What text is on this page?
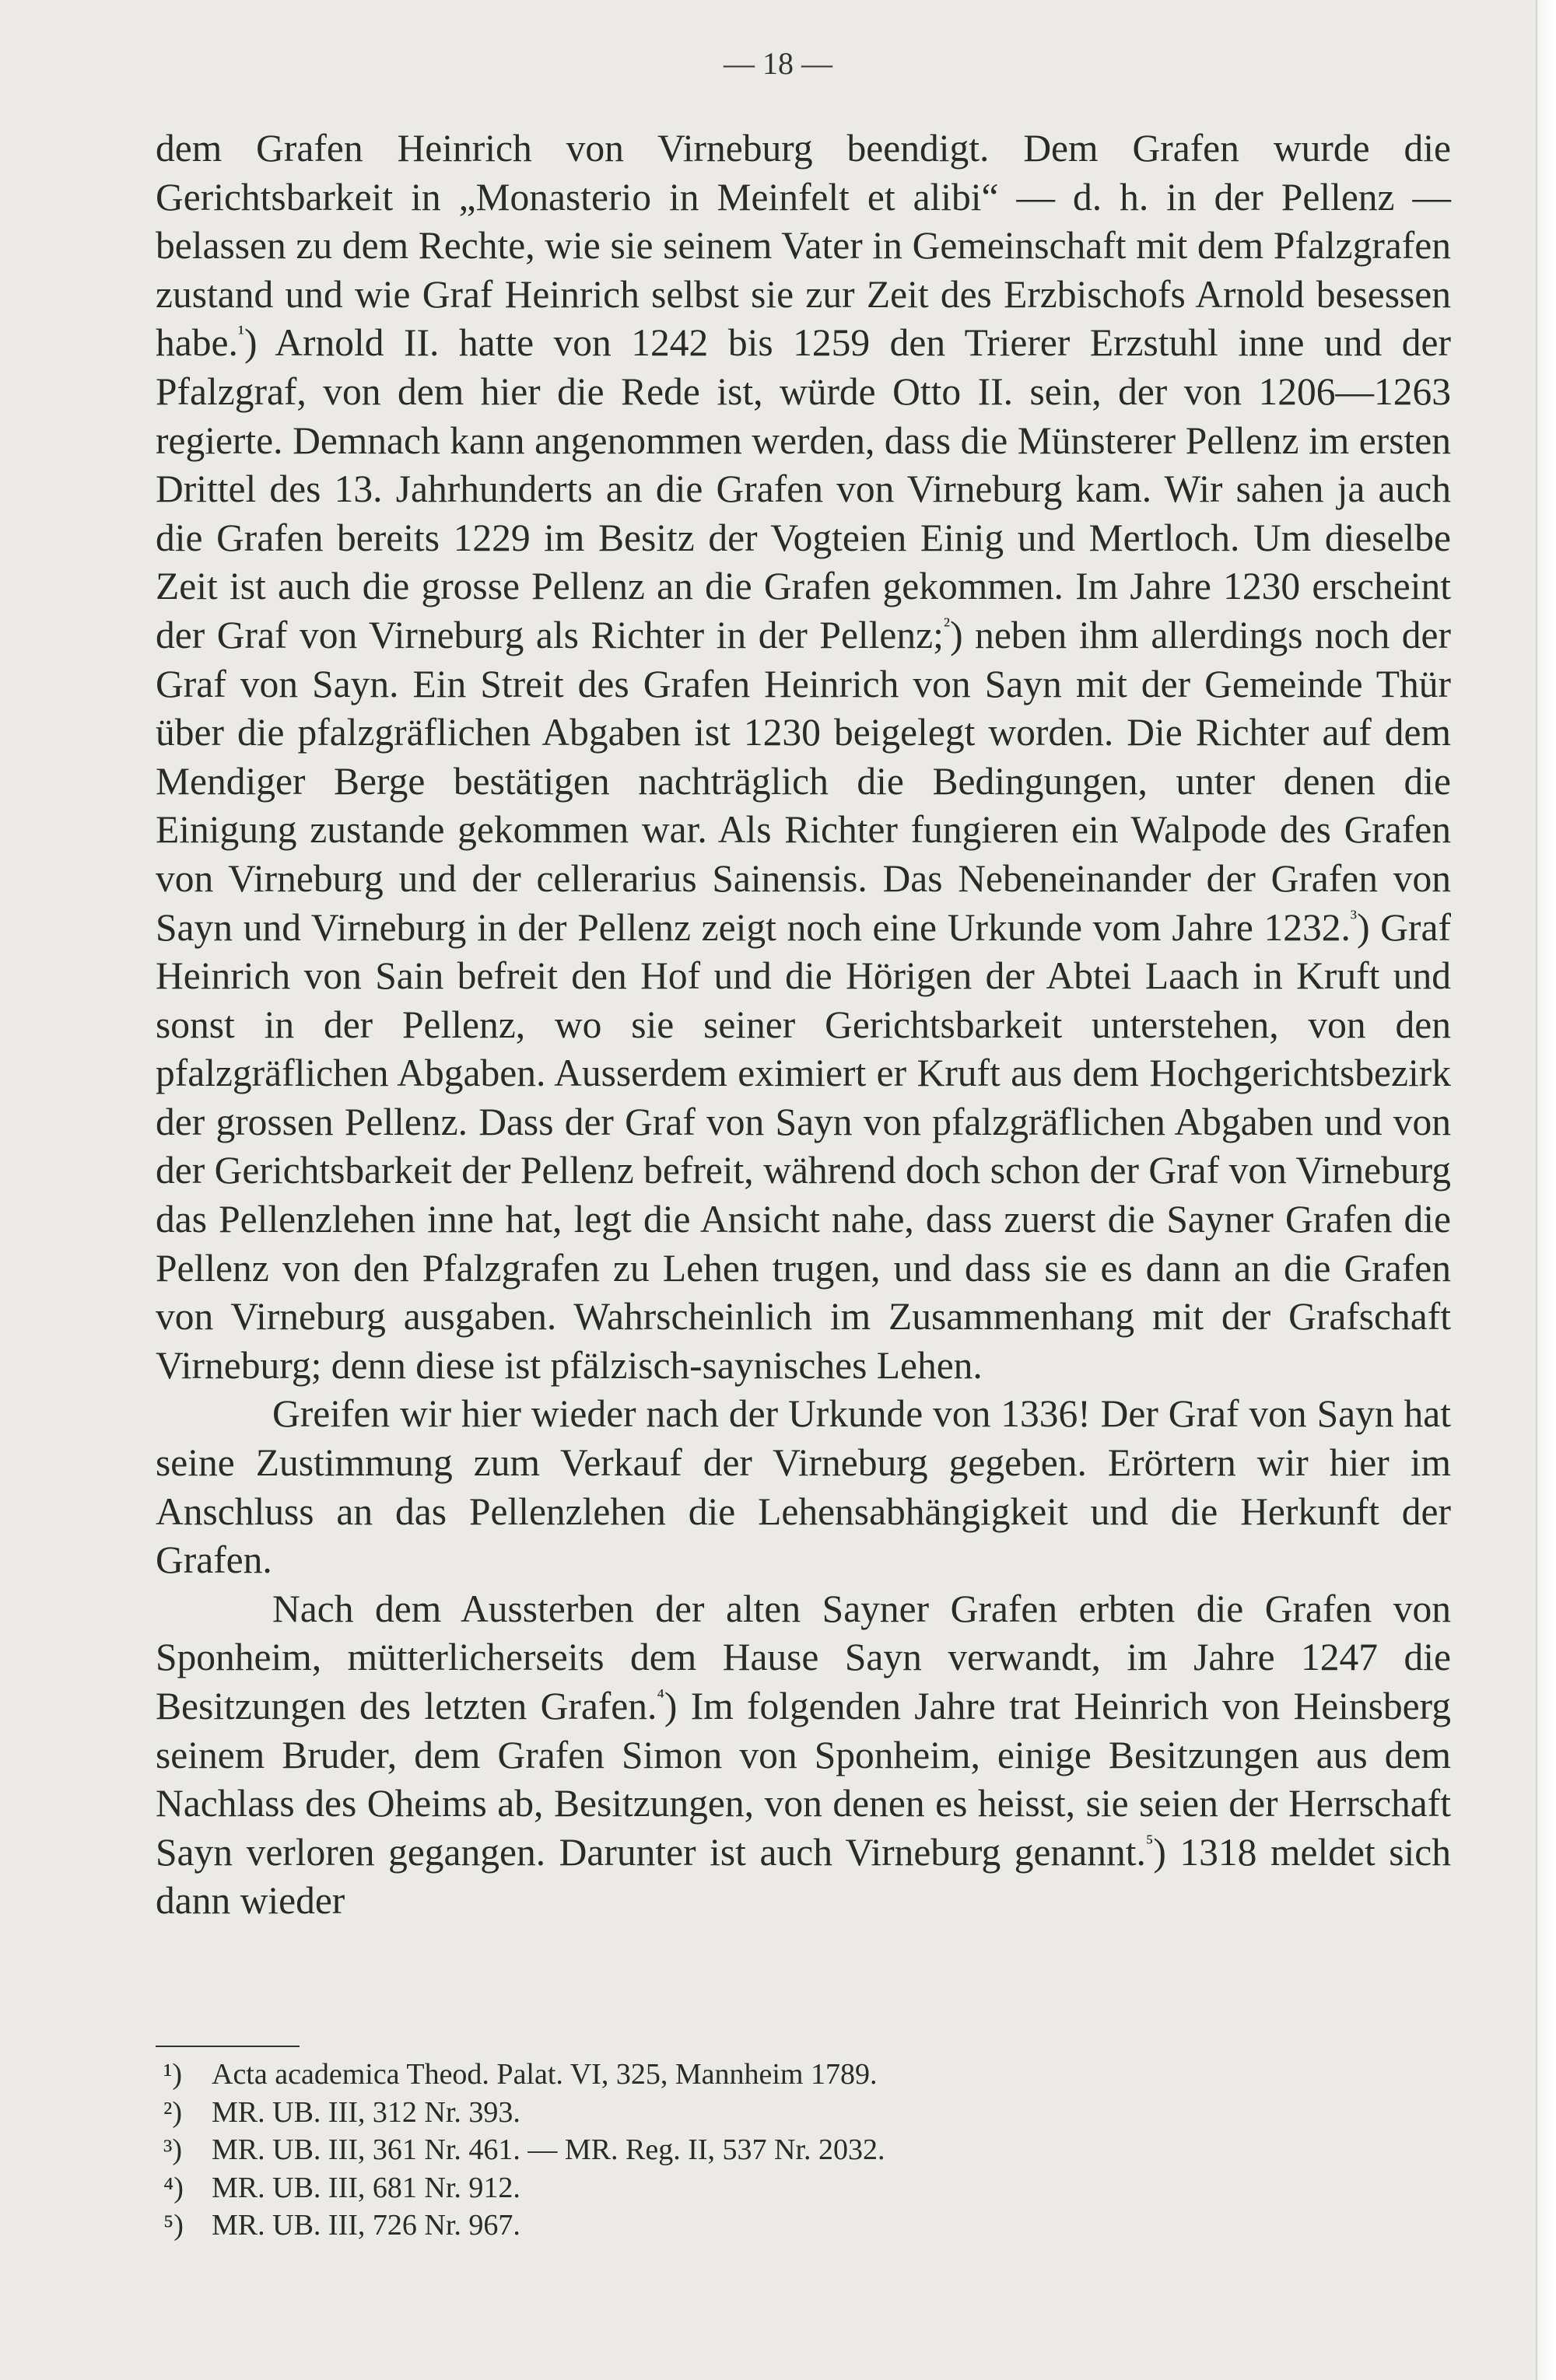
— 18 —

dem Grafen Heinrich von Virneburg beendigt. Dem Grafen wurde die Gerichtsbarkeit in „Monasterio in Meinfelt et alibi“ — d. h. in der Pellenz — belassen zu dem Rechte, wie sie seinem Vater in Gemeinschaft mit dem Pfalzgrafen zustand und wie Graf Heinrich selbst sie zur Zeit des Erzbischofs Arnold besessen habe.$^{^1}$) Arnold II. hatte von 1242 bis 1259 den Trierer Erzstuhl inne und der Pfalzgraf, von dem hier die Rede ist, würde Otto II. sein, der von 1206—1263 regierte. Demnach kann angenommen werden, dass die Münsterer Pellenz im ersten Drittel des 13. Jahrhunderts an die Grafen von Virneburg kam. Wir sahen ja auch die Grafen bereits 1229 im Besitz der Vogteien Einig und Mertloch. Um dieselbe Zeit ist auch die grosse Pellenz an die Grafen gekommen. Im Jahre 1230 erscheint der Graf von Virneburg als Richter in der Pellenz;$^{^2}$) neben ihm allerdings noch der Graf von Sayn. Ein Streit des Grafen Heinrich von Sayn mit der Gemeinde Thür über die pfalzgräflichen Abgaben ist 1230 beigelegt worden. Die Richter auf dem Mendiger Berge bestätigen nachträglich die Bedingungen, unter denen die Einigung zustande gekommen war. Als Richter fungieren ein Walpode des Grafen von Virneburg und der cellerarius Sainensis. Das Nebeneinander der Grafen von Sayn und Virneburg in der Pellenz zeigt noch eine Urkunde vom Jahre 1232.$^{^3}$) Graf Heinrich von Sain befreit den Hof und die Hörigen der Abtei Laach in Kruft und sonst in der Pellenz, wo sie seiner Gerichtsbarkeit unterstehen, von den pfalzgräflichen Abgaben. Ausserdem eximiert er Kruft aus dem Hochgerichtsbezirk der grossen Pellenz. Dass der Graf von Sayn von pfalzgräflichen Abgaben und von der Gerichtsbarkeit der Pellenz befreit, während doch schon der Graf von Virneburg das Pellenzlehen inne hat, legt die Ansicht nahe, dass zuerst die Sayner Grafen die Pellenz von den Pfalzgrafen zu Lehen trugen, und dass sie es dann an die Grafen von Virneburg ausgaben. Wahrscheinlich im Zusammenhang mit der Grafschaft Virneburg; denn diese ist pfälzisch-saynisches Lehen.

Greifen wir hier wieder nach der Urkunde von 1336! Der Graf von Sayn hat seine Zustimmung zum Verkauf der Virneburg gegeben. Erörtern wir hier im Anschluss an das Pellenzlehen die Lehensabhängigkeit und die Herkunft der Grafen.

Nach dem Aussterben der alten Sayner Grafen erbten die Grafen von Sponheim, mütterlicherseits dem Hause Sayn verwandt, im Jahre 1247 die Besitzungen des letzten Grafen.$^{^4}$) Im folgenden Jahre trat Heinrich von Heinsberg seinem Bruder, dem Grafen Simon von Sponheim, einige Besitzungen aus dem Nachlass des Oheims ab, Besitzungen, von denen es heisst, sie seien der Herrschaft Sayn verloren gegangen. Darunter ist auch Virneburg genannt.$^{^5}$) 1318 meldet sich dann wieder

¹) Acta academica Theod. Palat. VI, 325, Mannheim 1789.
²) MR. UB. III, 312 Nr. 393.
³) MR. UB. III, 361 Nr. 461. — MR. Reg. II, 537 Nr. 2032.
⁴) MR. UB. III, 681 Nr. 912.
⁵) MR. UB. III, 726 Nr. 967.
